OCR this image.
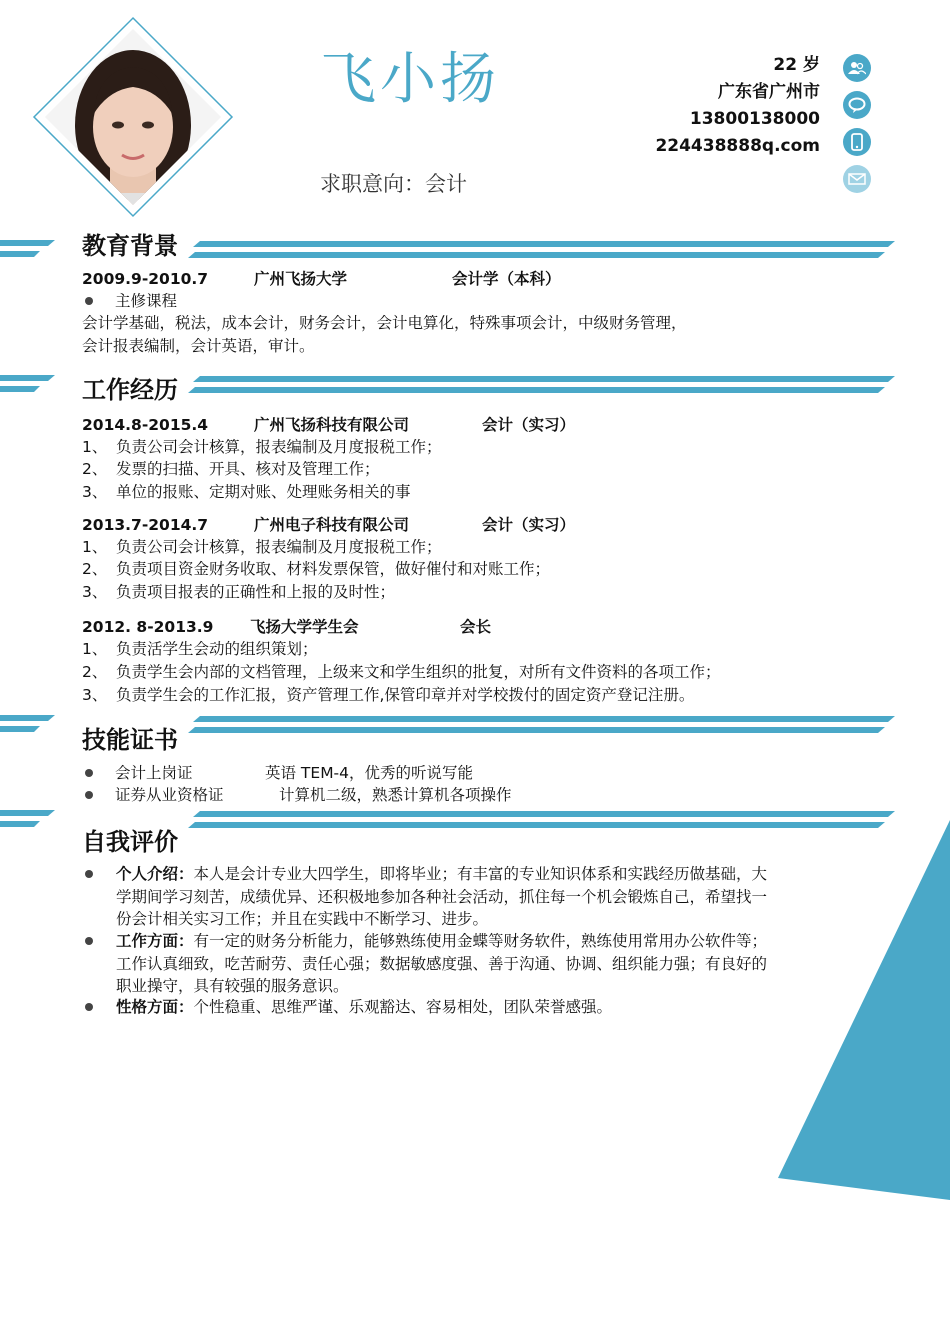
飞小扬
求职意向：会计
22 岁
广东省广州市
13800138000
224438888q.com
教育背景
2009.9-2010.7	广州飞扬大学	会计学（本科）
主修课程
会计学基础，税法，成本会计，财务会计，会计电算化，特殊事项会计，中级财务管理，
会计报表编制，会计英语，审计。
工作经历
2014.8-2015.4	广州飞扬科技有限公司	会计（实习）
1、 负责公司会计核算，报表编制及月度报税工作；
2、 发票的扫描、开具、核对及管理工作；
3、 单位的报账、定期对账、处理账务相关的事
2013.7-2014.7	广州电子科技有限公司	会计（实习）
1、 负责公司会计核算，报表编制及月度报税工作；
2、 负责项目资金财务收取、材料发票保管，做好催付和对账工作；
3、 负责项目报表的正确性和上报的及时性；
2012. 8-2013.9 飞扬大学学生会	会长
1、 负责活学生会动的组织策划；
2、 负责学生会内部的文档管理，上级来文和学生组织的批复，对所有文件资料的各项工作；
3、 负责学生会的工作汇报，资产管理工作,保管印章并对学校拨付的固定资产登记注册。
技能证书
会计上岗证	英语 TEM-4，优秀的听说写能
证券从业资格证	计算机二级，熟悉计算机各项操作
自我评价
个人介绍：本人是会计专业大四学生，即将毕业；有丰富的专业知识体系和实践经历做基础，大学期间学习刻苦，成绩优异、还积极地参加各种社会活动，抓住每一个机会锻炼自己，希望找一份会计相关实习工作；并且在实践中不断学习、进步。
工作方面：有一定的财务分析能力，能够熟练使用金蝶等财务软件，熟练使用常用办公软件等；工作认真细致，吃苦耐劳、责任心强；数据敏感度强、善于沟通、协调、组织能力强；有良好的职业操守，具有较强的服务意识。
性格方面：个性稳重、思维严谨、乐观豁达、容易相处，团队荣誉感强。
